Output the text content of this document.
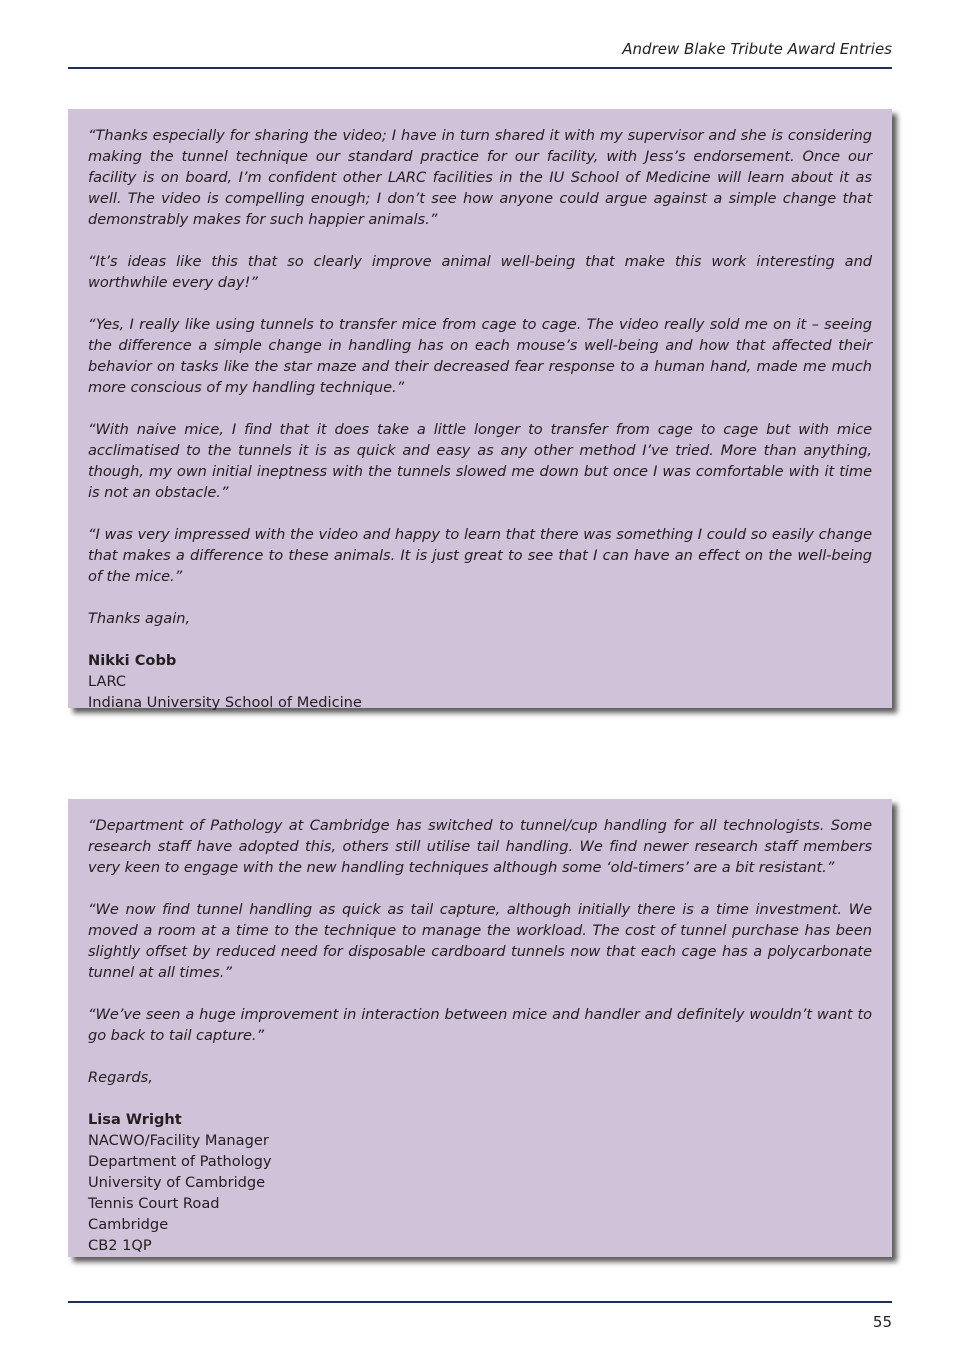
Andrew Blake Tribute Award Entries

“Thanks especially for sharing the video; I have in turn shared it with my supervisor and she is considering making the tunnel technique our standard practice for our facility, with Jess’s endorsement. Once our facility is on board, I’m confident other LARC facilities in the IU School of Medicine will learn about it as well. The video is compelling enough; I don’t see how anyone could argue against a simple change that demonstrably makes for such happier animals.”

“It’s ideas like this that so clearly improve animal well-being that make this work interesting and worthwhile every day!”

“Yes, I really like using tunnels to transfer mice from cage to cage. The video really sold me on it – seeing the difference a simple change in handling has on each mouse’s well-being and how that affected their behavior on tasks like the star maze and their decreased fear response to a human hand, made me much more conscious of my handling technique.”

“With naive mice, I find that it does take a little longer to transfer from cage to cage but with mice acclimatised to the tunnels it is as quick and easy as any other method I’ve tried. More than anything, though, my own initial ineptness with the tunnels slowed me down but once I was comfortable with it time is not an obstacle.”

“I was very impressed with the video and happy to learn that there was something I could so easily change that makes a difference to these animals. It is just great to see that I can have an effect on the well-being of the mice.”

Thanks again,

Nikki Cobb

LARC

Indiana University School of Medicine

“Department of Pathology at Cambridge has switched to tunnel/cup handling for all technologists. Some research staff have adopted this, others still utilise tail handling. We find newer research staff members very keen to engage with the new handling techniques although some ‘old-timers’ are a bit resistant.”

“We now find tunnel handling as quick as tail capture, although initially there is a time investment. We moved a room at a time to the technique to manage the workload. The cost of tunnel purchase has been slightly offset by reduced need for disposable cardboard tunnels now that each cage has a polycarbonate tunnel at all times.”

“We’ve seen a huge improvement in interaction between mice and handler and definitely wouldn’t want to go back to tail capture.”

Regards,

Lisa Wright

NACWO/Facility Manager

Department of Pathology

University of Cambridge

Tennis Court Road

Cambridge

CB2 1QP

55
